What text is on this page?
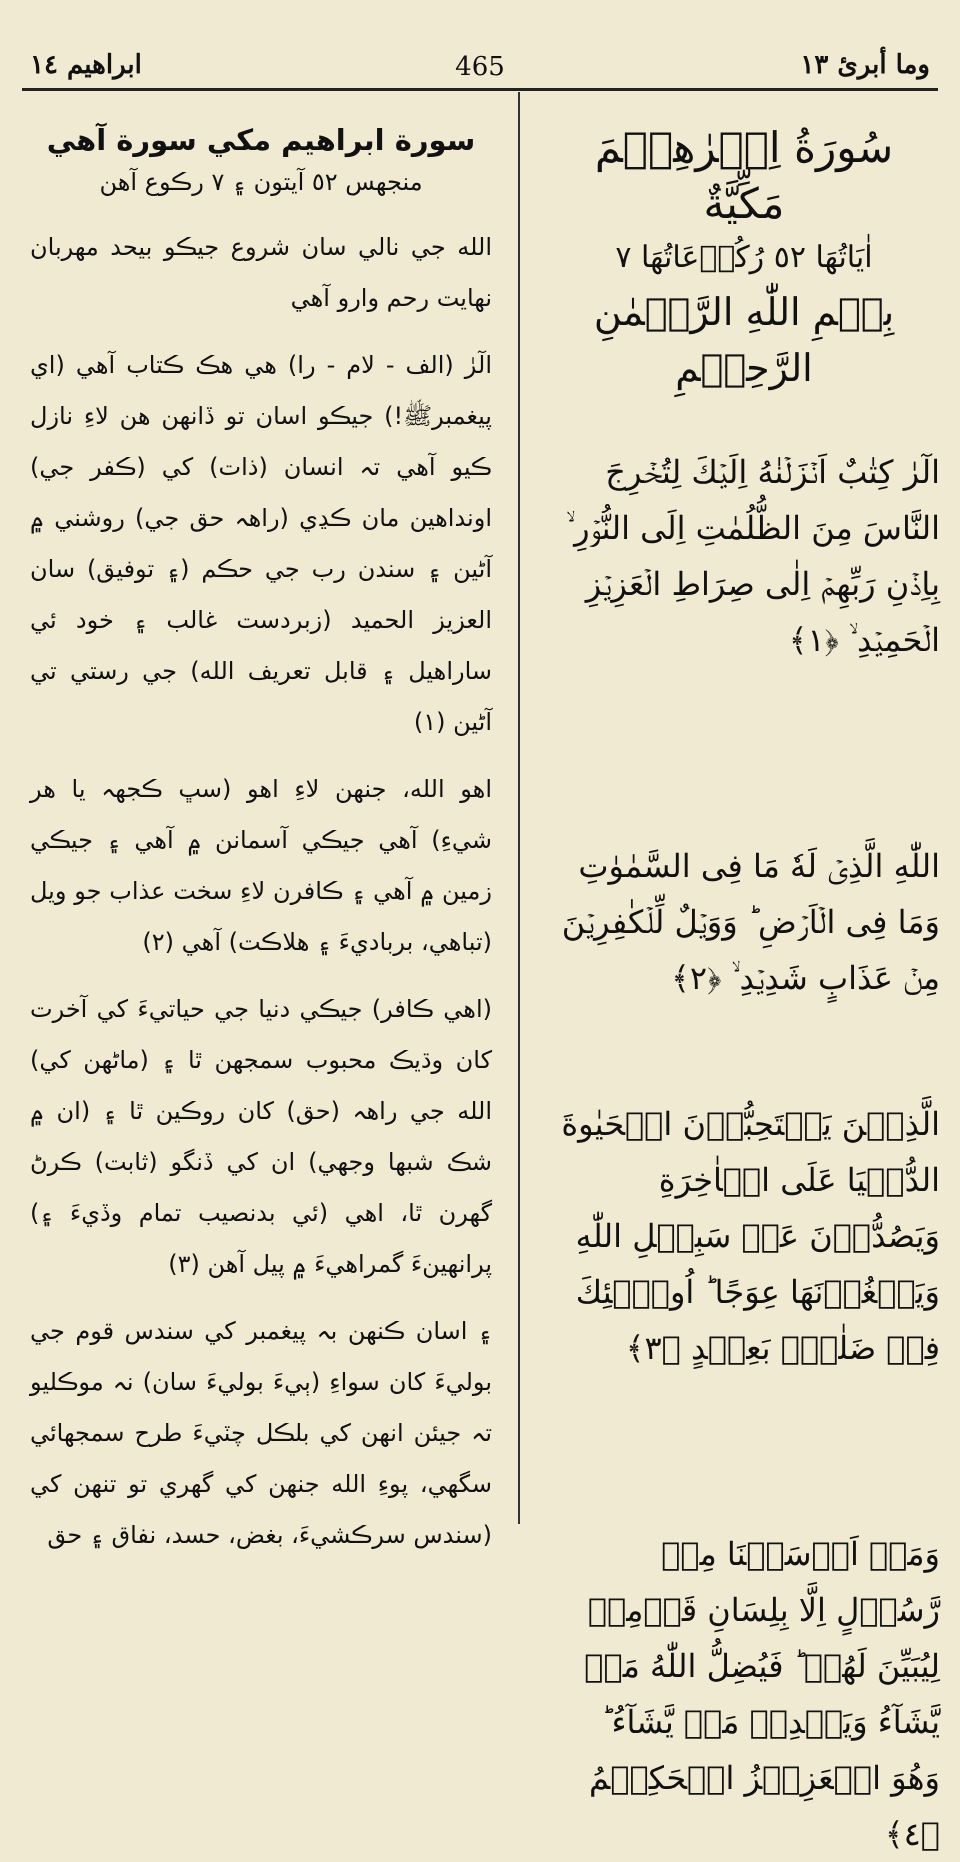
ابراهيم ١٤	465	وما أبرئ ١٣

سورة ابراهيم مكي سورة آهي

منجهس ٥٢ آيتون ۽ ٧ رڪوع آهن

الله جي نالي سان شروع جيڪو بيحد مهربان نهايت رحم وارو آهي

الٓرٰ (الف - لام - را) هي هڪ ڪتاب آهي (اي پيغمبرﷺ!) جيڪو اسان تو ڏانهن هن لاءِ نازل ڪيو آهي تہ انسان (ذات) کي (ڪفر جي) اونداهين مان ڪڍي (راهہ حق جي) روشني ۾ آڻين ۽ سندن رب جي حڪم (۽ توفيق) سان العزيز الحميد (زبردست غالب ۽ خود ئي ساراهيل ۽ قابل تعريف الله) جي رستي تي آڻين (١)

اهو الله، جنهن لاءِ اهو (سڀ ڪجهہ يا هر شيءِ) آهي جيڪي آسمانن ۾ آهي ۽ جيڪي زمين ۾ آهي ۽ ڪافرن لاءِ سخت عذاب جو ويل (تباهي، برباديءَ ۽ هلاڪت) آهي (٢)

(اهي ڪافر) جيڪي دنيا جي حياتيءَ کي آخرت کان وڌيڪ محبوب سمجهن ٿا ۽ (ماڻهن کي) الله جي راهہ (حق) کان روڪين ٿا ۽ (ان ۾ شڪ شبها وجهي) ان کي ڏنگو (ثابت) ڪرڻ گهرن ٿا، اهي (ئي بدنصيب تمام وڏيءَ ۽) پرانهينءَ گمراهيءَ ۾ پيل آهن (٣)

۽ اسان ڪنهن بہ پيغمبر کي سندس قوم جي بوليءَ کان سواءِ (ٻيءَ بوليءَ سان) نہ موڪليو تہ جيئن انهن کي بلڪل چٽيءَ طرح سمجهائي سگهي، پوءِ الله جنهن کي گهري تو تنهن کي (سندس سرڪشيءَ، بغض، حسد، نفاق ۽ حق

سُورَةُ اِبۡرٰهِيۡمَ مَكِّيَّةٌ

اٰيَاتُهَا ٥٢ رُكُوۡعَاتُهَا ٧

بِسۡمِ اللّٰهِ الرَّحۡمٰنِ الرَّحِيۡمِ

الٓرٰ كِتٰبٌ اَنۡزَلۡنٰهُ اِلَيۡكَ لِتُخۡرِجَ النَّاسَ مِنَ الظُّلُمٰتِ اِلَى النُّوۡرِ ۙ بِاِذۡنِ رَبِّهِمۡ اِلٰى صِرَاطِ الۡعَزِيۡزِ الۡحَمِيۡدِ ۙ ﴿١﴾

اللّٰهِ الَّذِىۡ لَهٗ مَا فِى السَّمٰوٰتِ وَمَا فِى الۡاَرۡضِ ؕ وَوَيۡلٌ لِّلۡكٰفِرِيۡنَ مِنۡ عَذَابٍ شَدِيۡدِ ۙ ﴿٢﴾

الَّذِيۡنَ يَسۡتَحِبُّوۡنَ الۡحَيٰوةَ الدُّنۡيَا عَلَى الۡاٰخِرَةِ وَيَصُدُّوۡنَ عَنۡ سَبِيۡلِ اللّٰهِ وَيَبۡغُوۡنَهَا عِوَجًا ؕ اُولٰۤئِكَ فِىۡ ضَلٰلٍۢ بَعِيۡدٍ ﴿٣﴾

وَمَاۤ اَرۡسَلۡنَا مِنۡ رَّسُوۡلٍ اِلَّا بِلِسَانِ قَوۡمِهٖ لِيُبَيِّنَ لَهُمۡ ؕ فَيُضِلُّ اللّٰهُ مَنۡ يَّشَآءُ وَيَهۡدِىۡ مَنۡ يَّشَآءُ ؕ وَهُوَ الۡعَزِيۡزُ الۡحَكِيۡمُ ﴿٤﴾
